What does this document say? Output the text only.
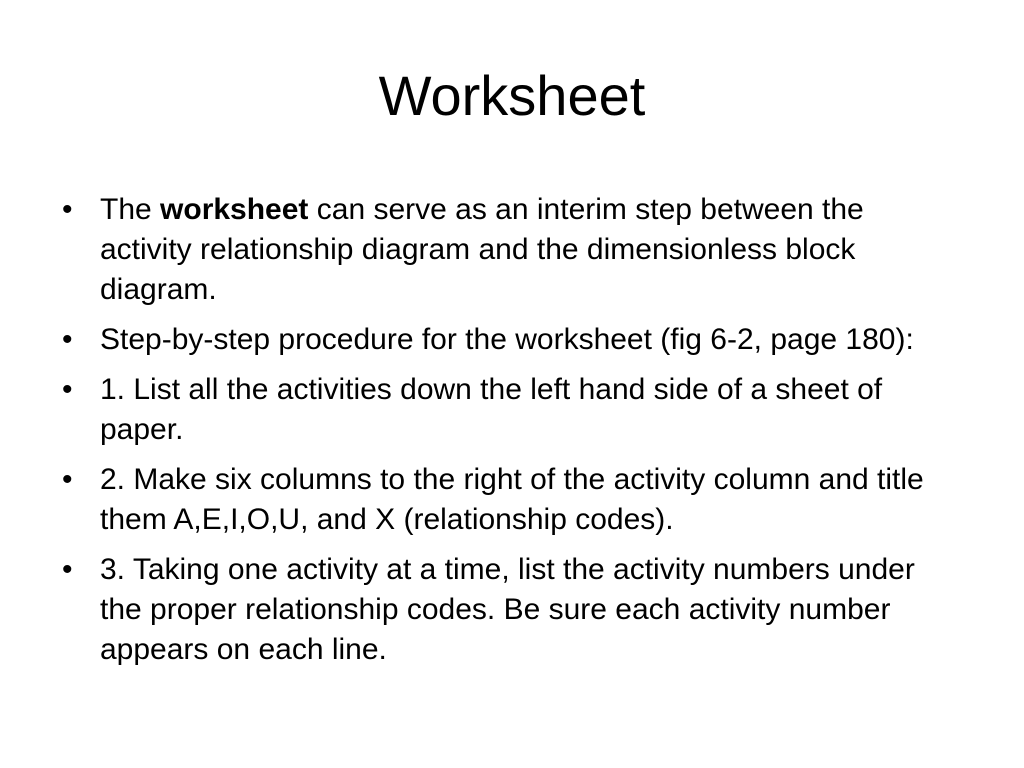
Worksheet
• The worksheet can serve as an interim step between the activity relationship diagram and the dimensionless block diagram.
• Step-by-step procedure for the worksheet (fig 6-2, page 180):
• 1. List all the activities down the left hand side of a sheet of paper.
• 2. Make six columns to the right of the activity column and title them A,E,I,O,U, and X (relationship codes).
• 3. Taking one activity at a time, list the activity numbers under the proper relationship codes. Be sure each activity number appears on each line.
